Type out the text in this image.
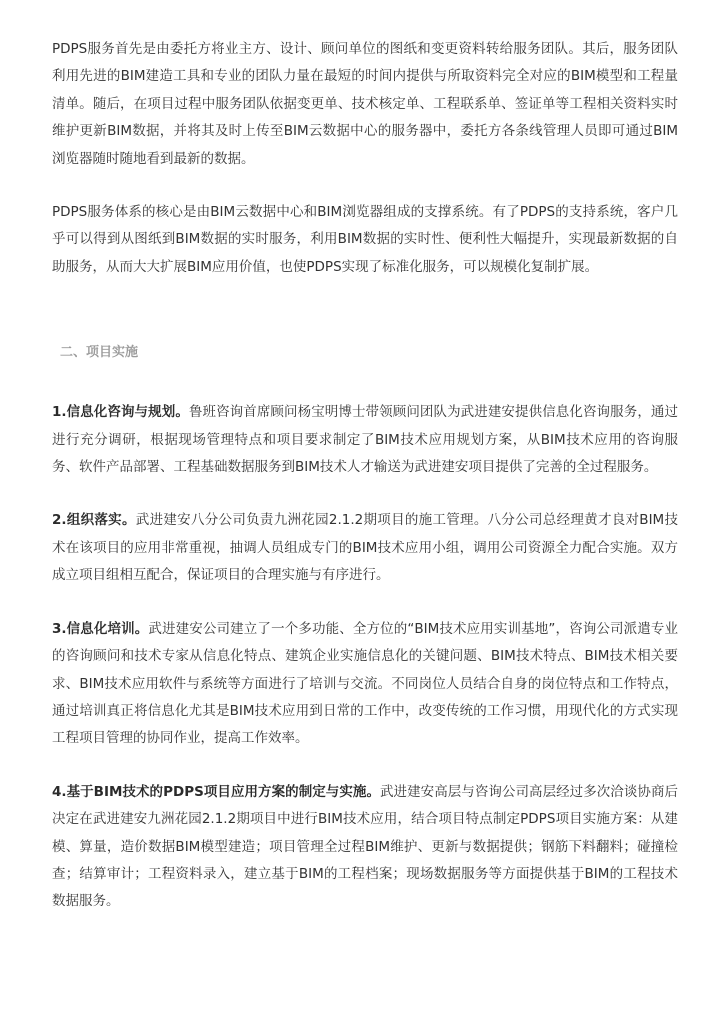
PDPS服务首先是由委托方将业主方、设计、顾问单位的图纸和变更资料转给服务团队。其后，服务团队利用先进的BIM建造工具和专业的团队力量在最短的时间内提供与所取资料完全对应的BIM模型和工程量清单。随后，在项目过程中服务团队依据变更单、技术核定单、工程联系单、签证单等工程相关资料实时维护更新BIM数据，并将其及时上传至BIM云数据中心的服务器中，委托方各条线管理人员即可通过BIM浏览器随时随地看到最新的数据。

PDPS服务体系的核心是由BIM云数据中心和BIM浏览器组成的支撑系统。有了PDPS的支持系统，客户几乎可以得到从图纸到BIM数据的实时服务，利用BIM数据的实时性、便利性大幅提升，实现最新数据的自助服务，从而大大扩展BIM应用价值，也使PDPS实现了标准化服务，可以规模化复制扩展。

二、项目实施

1.信息化咨询与规划。鲁班咨询首席顾问杨宝明博士带领顾问团队为武进建安提供信息化咨询服务，通过进行充分调研，根据现场管理特点和项目要求制定了BIM技术应用规划方案，从BIM技术应用的咨询服务、软件产品部署、工程基础数据服务到BIM技术人才输送为武进建安项目提供了完善的全过程服务。

2.组织落实。武进建安八分公司负责九洲花园2.1.2期项目的施工管理。八分公司总经理黄才良对BIM技术在该项目的应用非常重视，抽调人员组成专门的BIM技术应用小组，调用公司资源全力配合实施。双方成立项目组相互配合，保证项目的合理实施与有序进行。

3.信息化培训。武进建安公司建立了一个多功能、全方位的“BIM技术应用实训基地”，咨询公司派遣专业的咨询顾问和技术专家从信息化特点、建筑企业实施信息化的关键问题、BIM技术特点、BIM技术相关要求、BIM技术应用软件与系统等方面进行了培训与交流。不同岗位人员结合自身的岗位特点和工作特点，通过培训真正将信息化尤其是BIM技术应用到日常的工作中，改变传统的工作习惯，用现代化的方式实现工程项目管理的协同作业，提高工作效率。

4.基于BIM技术的PDPS项目应用方案的制定与实施。武进建安高层与咨询公司高层经过多次洽谈协商后决定在武进建安九洲花园2.1.2期项目中进行BIM技术应用，结合项目特点制定PDPS项目实施方案：从建模、算量，造价数据BIM模型建造；项目管理全过程BIM维护、更新与数据提供；钢筋下料翻料；碰撞检查；结算审计；工程资料录入，建立基于BIM的工程档案；现场数据服务等方面提供基于BIM的工程技术数据服务。
